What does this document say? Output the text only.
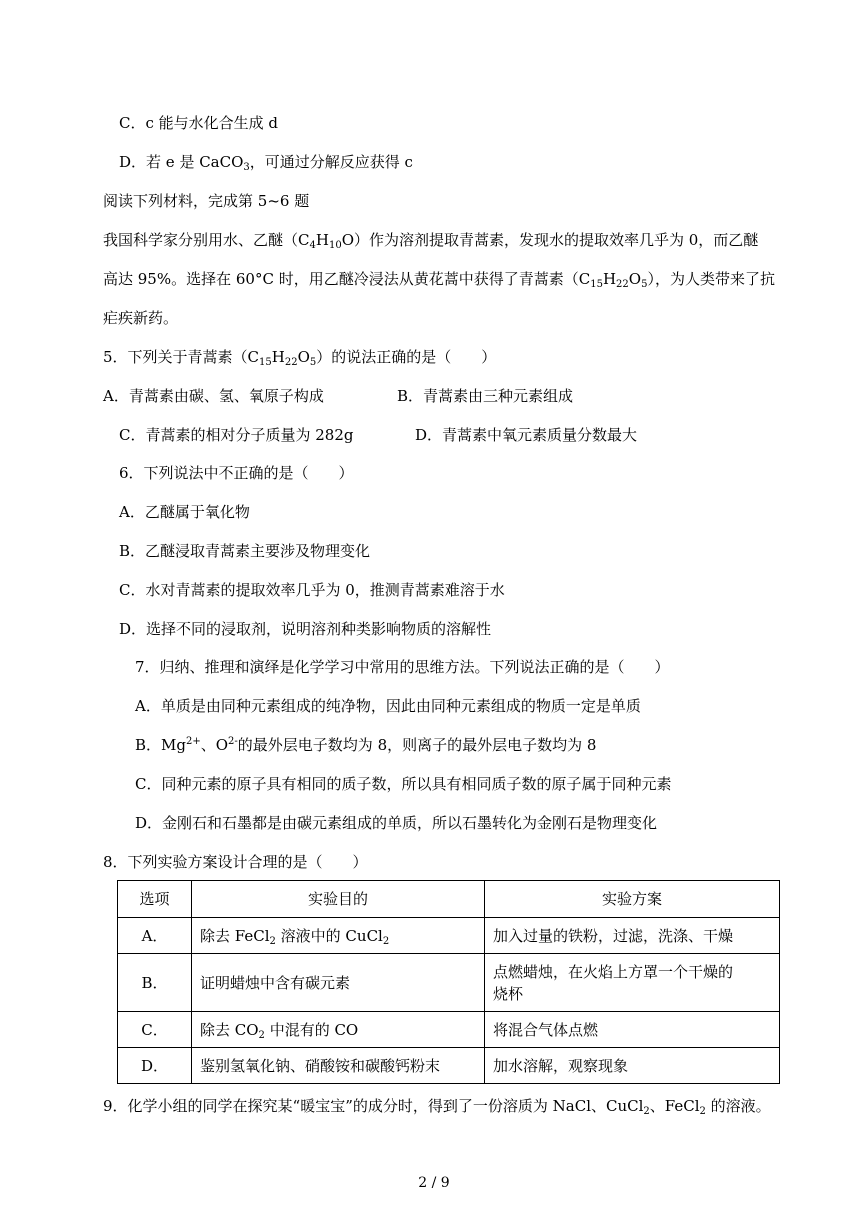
C．c 能与水化合生成 d
D．若 e 是 CaCO$_3$，可通过分解反应获得 c
阅读下列材料，完成第 5~6 题
我国科学家分别用水、乙醚$(C_4H_{10}O)$作为溶剂提取青蒿素，发现水的提取效率几乎为 0，而乙醚
高达 95%。选择在 60°C 时，用乙醚冷浸法从黄花蒿中获得了青蒿素$(C_{15}H_{22}O_5)$，为人类带来了抗
疟疾新药。
5．下列关于青蒿素$(C_{15}H_{22}O_5)$的说法正确的是（　　）
A．青蒿素由碳、氢、氧原子构成	B．青蒿素由三种元素组成
C．青蒿素的相对分子质量为 282g	D．青蒿素中氧元素质量分数最大
6．下列说法中不正确的是（　　）
A．乙醚属于氧化物
B．乙醚浸取青蒿素主要涉及物理变化
C．水对青蒿素的提取效率几乎为 0，推测青蒿素难溶于水
D．选择不同的浸取剂，说明溶剂种类影响物质的溶解性
7．归纳、推理和演绎是化学学习中常用的思维方法。下列说法正确的是（　　）
A．单质是由同种元素组成的纯净物，因此由同种元素组成的物质一定是单质
B．$Mg^{2+}$、$O^{2-}$的最外层电子数均为 8，则离子的最外层电子数均为 8
C．同种元素的原子具有相同的质子数，所以具有相同质子数的原子属于同种元素
D．金刚石和石墨都是由碳元素组成的单质，所以石墨转化为金刚石是物理变化
8．下列实验方案设计合理的是（　　）
选项	实验目的	实验方案
A．	除去 FeCl$_2$ 溶液中的 CuCl$_2$	加入过量的铁粉，过滤，洗涤、干燥
B．	证明蜡烛中含有碳元素	点燃蜡烛，在火焰上方罩一个干燥的
烧杯

C．	除去 $CO_2$ 中混有的 CO	将混合气体点燃
D．	鉴别氢氧化钠、硝酸铵和碳酸钙粉末	加水溶解，观察现象
9．化学小组的同学在探究某“暖宝宝”的成分时，得到了一份溶质为 NaCl、CuCl$_2$、FeCl$_2$ 的溶液。
2 / 9
